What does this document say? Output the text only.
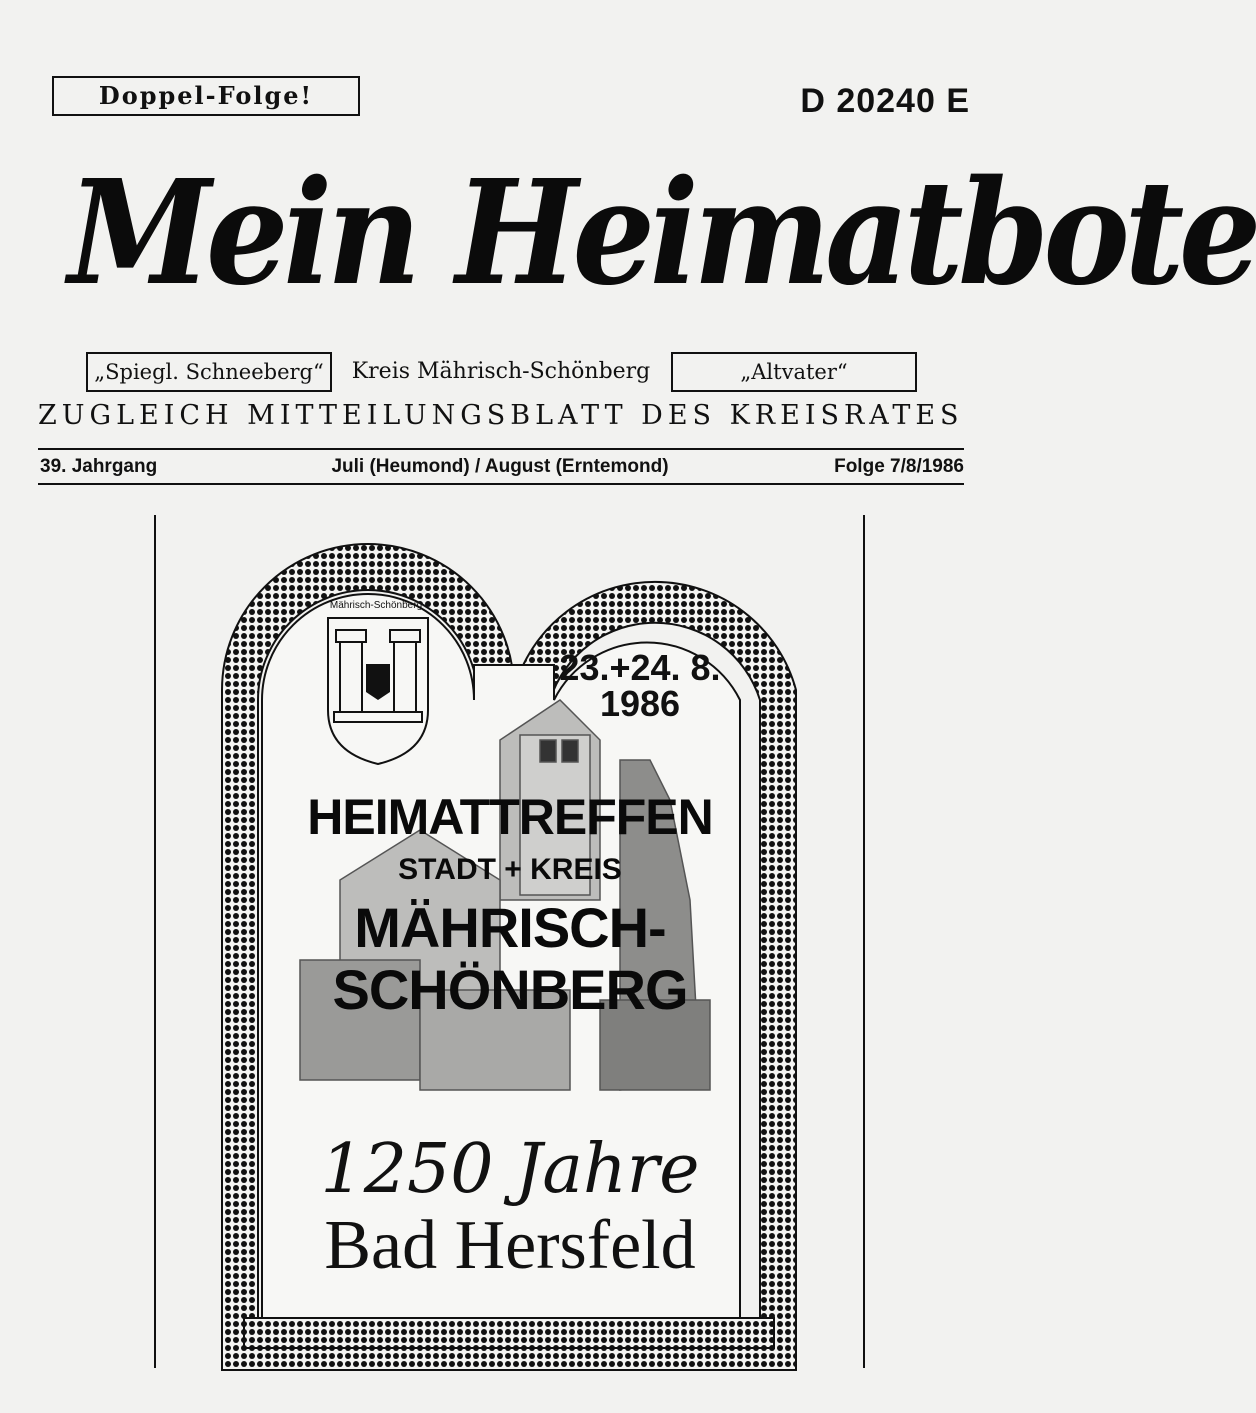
Doppel-Folge!	D 20240 E
Mein Heimatbote
„Spiegl. Schneeberg“	Kreis Mährisch-Schönberg	„Altvater“
ZUGLEICH MITTEILUNGSBLATT DES KREISRATES
39. Jahrgang	Juli (Heumond) / August (Erntemond)	Folge 7/8/1986
Mährisch-Schönberg
23.+24. 8.
1986
HEIMATTREFFEN
STADT + KREIS
MÄHRISCH-
SCHÖNBERG
1250 Jahre
Bad Hersfeld
